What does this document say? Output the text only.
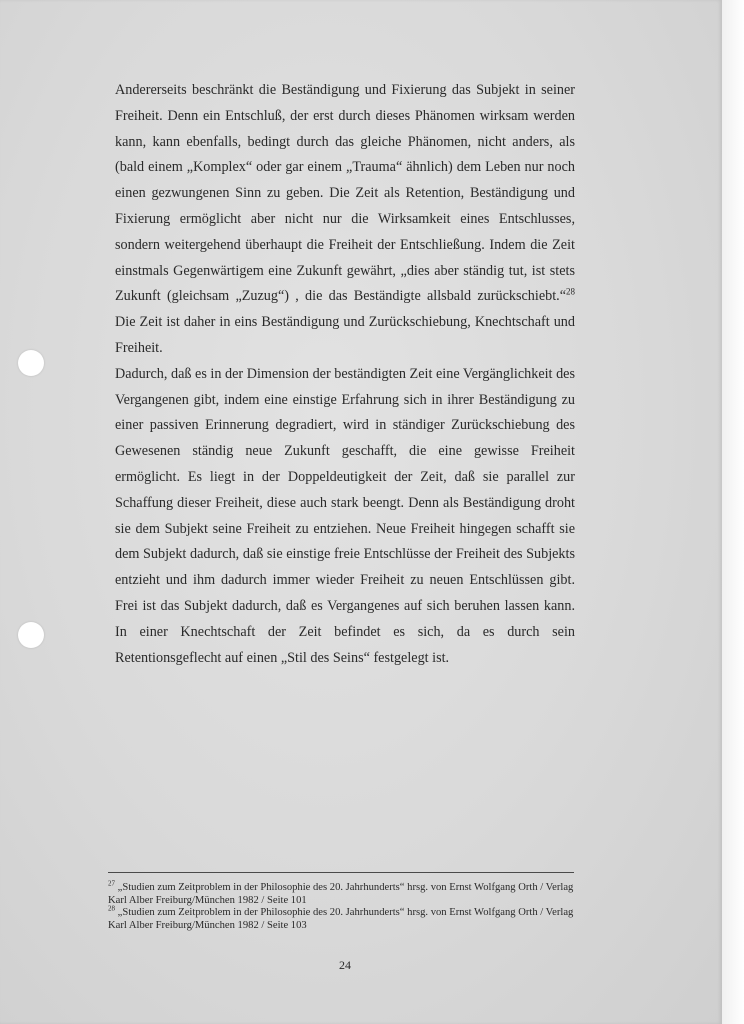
Andererseits beschränkt die Beständigung und Fixierung das Subjekt in seiner Freiheit. Denn ein Entschluß, der erst durch dieses Phänomen wirksam werden kann, kann ebenfalls, bedingt durch das gleiche Phänomen, nicht anders, als (bald einem „Komplex“ oder gar einem „Trauma“ ähnlich) dem Leben nur noch einen gezwungenen Sinn zu geben. Die Zeit als Retention, Beständigung und Fixierung ermöglicht aber nicht nur die Wirksamkeit eines Entschlusses, sondern weitergehend überhaupt die Freiheit der Entschließung. Indem die Zeit einstmals Gegenwärtigem eine Zukunft gewährt, „dies aber ständig tut, ist stets Zukunft (gleichsam „Zuzug“) , die das Beständigte allsbald zurückschiebt.“$^{28}$ Die Zeit ist daher in eins Beständigung und Zurückschiebung, Knechtschaft und Freiheit.

Dadurch, daß es in der Dimension der beständigten Zeit eine Vergänglichkeit des Vergangenen gibt, indem eine einstige Erfahrung sich in ihrer Beständigung zu einer passiven Erinnerung degradiert, wird in ständiger Zurückschiebung des Gewesenen ständig neue Zukunft geschafft, die eine gewisse Freiheit ermöglicht. Es liegt in der Doppeldeutigkeit der Zeit, daß sie parallel zur Schaffung dieser Freiheit, diese auch stark beengt. Denn als Beständigung droht sie dem Subjekt seine Freiheit zu entziehen. Neue Freiheit hingegen schafft sie dem Subjekt dadurch, daß sie einstige freie Entschlüsse der Freiheit des Subjekts entzieht und ihm dadurch immer wieder Freiheit zu neuen Entschlüssen gibt. Frei ist das Subjekt dadurch, daß es Vergangenes auf sich beruhen lassen kann. In einer Knechtschaft der Zeit befindet es sich, da es durch sein Retentionsgeflecht auf einen „Stil des Seins“ festgelegt ist.

$^{27}$ „Studien zum Zeitproblem in der Philosophie des 20. Jahrhunderts“ hrsg. von Ernst Wolfgang Orth / Verlag Karl Alber Freiburg/München 1982 / Seite 101

$^{28}$ „Studien zum Zeitproblem in der Philosophie des 20. Jahrhunderts“ hrsg. von Ernst Wolfgang Orth / Verlag Karl Alber Freiburg/München 1982 / Seite 103

24
